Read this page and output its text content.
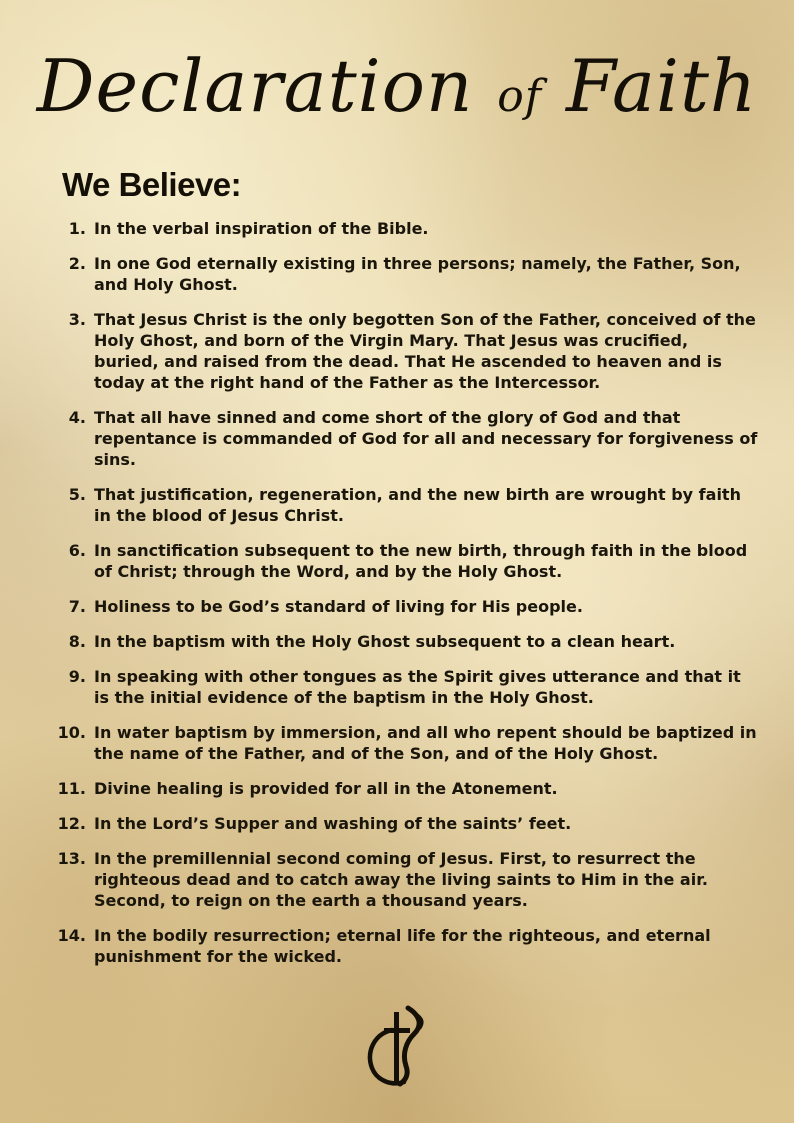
Declaration of Faith
We Believe:
1. In the verbal inspiration of the Bible.
2. In one God eternally existing in three persons; namely, the Father, Son, and Holy Ghost.
3. That Jesus Christ is the only begotten Son of the Father, conceived of the Holy Ghost, and born of the Virgin Mary. That Jesus was crucified, buried, and raised from the dead. That He ascended to heaven and is today at the right hand of the Father as the Intercessor.
4. That all have sinned and come short of the glory of God and that repentance is commanded of God for all and necessary for forgiveness of sins.
5. That justification, regeneration, and the new birth are wrought by faith in the blood of Jesus Christ.
6. In sanctification subsequent to the new birth, through faith in the blood of Christ; through the Word, and by the Holy Ghost.
7. Holiness to be God’s standard of living for His people.
8. In the baptism with the Holy Ghost subsequent to a clean heart.
9. In speaking with other tongues as the Spirit gives utterance and that it is the initial evidence of the baptism in the Holy Ghost.
10. In water baptism by immersion, and all who repent should be baptized in the name of the Father, and of the Son, and of the Holy Ghost.
11. Divine healing is provided for all in the Atonement.
12. In the Lord’s Supper and washing of the saints’ feet.
13. In the premillennial second coming of Jesus. First, to resurrect the righteous dead and to catch away the living saints to Him in the air. Second, to reign on the earth a thousand years.
14. In the bodily resurrection; eternal life for the righteous, and eternal punishment for the wicked.
